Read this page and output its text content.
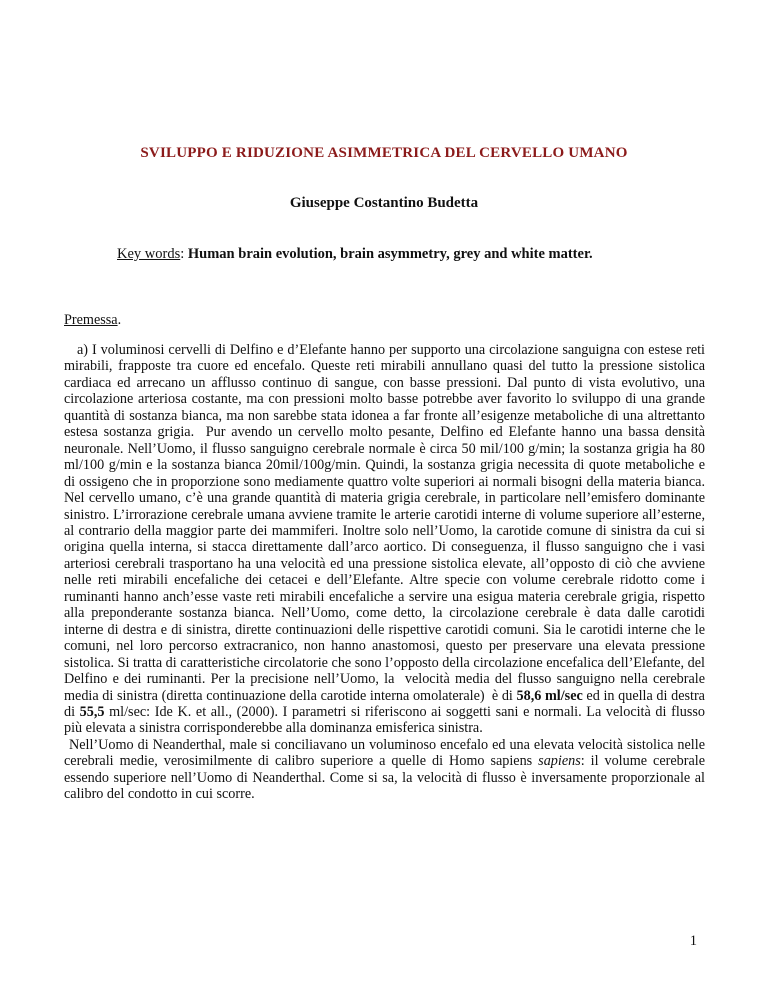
SVILUPPO E RIDUZIONE ASIMMETRICA DEL CERVELLO UMANO
Giuseppe Costantino Budetta
Key words: Human brain evolution, brain asymmetry, grey and white matter.
Premessa.

a) I voluminosi cervelli di Delfino e d’Elefante hanno per supporto una circolazione sanguigna con estese reti mirabili, frapposte tra cuore ed encefalo. Queste reti mirabili annullano quasi del tutto la pressione sistolica cardiaca ed arrecano un afflusso continuo di sangue, con basse pressioni. Dal punto di vista evolutivo, una circolazione arteriosa costante, ma con pressioni molto basse potrebbe aver favorito lo sviluppo di una grande quantità di sostanza bianca, ma non sarebbe stata idonea a far fronte all’esigenze metaboliche di una altrettanto estesa sostanza grigia.  Pur avendo un cervello molto pesante, Delfino ed Elefante hanno una bassa densità neuronale. Nell’Uomo, il flusso sanguigno cerebrale normale è circa 50 mil/100 g/min; la sostanza grigia ha 80 ml/100 g/min e la sostanza bianca 20mil/100g/min. Quindi, la sostanza grigia necessita di quote metaboliche e di ossigeno che in proporzione sono mediamente quattro volte superiori ai normali bisogni della materia bianca. Nel cervello umano, c’è una grande quantità di materia grigia cerebrale, in particolare nell’emisfero dominante sinistro. L’irrorazione cerebrale umana avviene tramite le arterie carotidi interne di volume superiore all’esterne, al contrario della maggior parte dei mammiferi. Inoltre solo nell’Uomo, la carotide comune di sinistra da cui si origina quella interna, si stacca direttamente dall’arco aortico. Di conseguenza, il flusso sanguigno che i vasi arteriosi cerebrali trasportano ha una velocità ed una pressione sistolica elevate, all’opposto di ciò che avviene nelle reti mirabili encefaliche dei cetacei e dell’Elefante. Altre specie con volume cerebrale ridotto come i ruminanti hanno anch’esse vaste reti mirabili encefaliche a servire una esigua materia cerebrale grigia, rispetto alla preponderante sostanza bianca. Nell’Uomo, come detto, la circolazione cerebrale è data dalle carotidi interne di destra e di sinistra, dirette continuazioni delle rispettive carotidi comuni. Sia le carotidi interne che le comuni, nel loro percorso extracranico, non hanno anastomosi, questo per preservare una elevata pressione sistolica. Si tratta di caratteristiche circolatorie che sono l’opposto della circolazione encefalica dell’Elefante, del Delfino e dei ruminanti. Per la precisione nell’Uomo, la  velocità media del flusso sanguigno nella cerebrale media di sinistra (diretta continuazione della carotide interna omolaterale)  è di 58,6 ml/sec ed in quella di destra di 55,5 ml/sec: Ide K. et all., (2000). I parametri si riferiscono ai soggetti sani e normali. La velocità di flusso più elevata a sinistra corrisponderebbe alla dominanza emisferica sinistra.

Nell’Uomo di Neanderthal, male si conciliavano un voluminoso encefalo ed una elevata velocità sistolica nelle cerebrali medie, verosimilmente di calibro superiore a quelle di Homo sapiens sapiens: il volume cerebrale essendo superiore nell’Uomo di Neanderthal. Come si sa, la velocità di flusso è inversamente proporzionale al calibro del condotto in cui scorre.

1
